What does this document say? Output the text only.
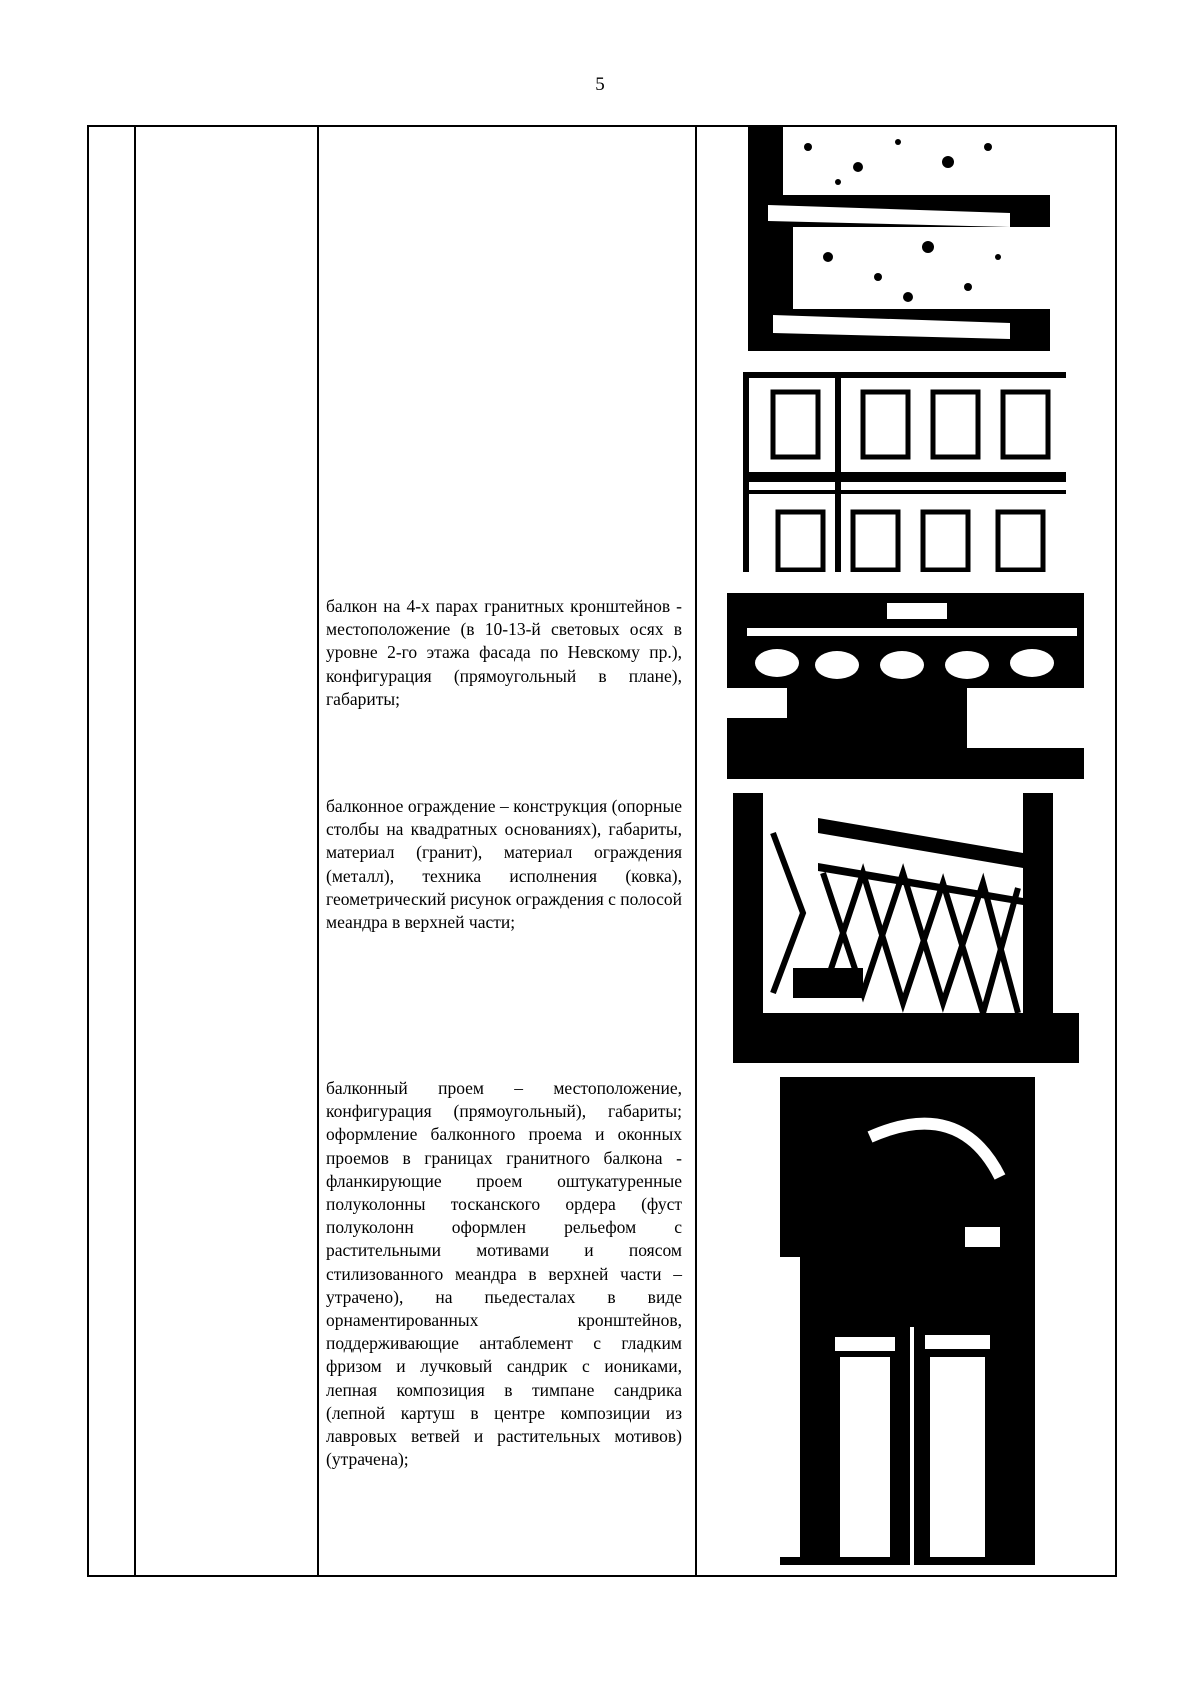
5
балкон на 4-х парах гранитных кронштейнов - местоположение (в 10-13-й световых осях в уровне 2-го этажа фасада по Невскому пр.), конфигурация (прямоугольный в плане), габариты;
балконное ограждение – конструкция (опорные столбы на квадратных основаниях), габариты, материал (гранит), материал ограждения (металл), техника исполнения (ковка), геометрический рисунок ограждения с полосой меандра в верхней части;
балконный проем – местоположение, конфигурация (прямоугольный), габариты; оформление балконного проема и оконных проемов в границах гранитного балкона - фланкирующие проем оштукатуренные полуколонны тосканского ордера (фуст полуколонн оформлен рельефом с растительными мотивами и поясом стилизованного меандра в верхней части – утрачено), на пьедесталах в виде орнаментированных кронштейнов, поддерживающие антаблемент с гладким фризом и лучковый сандрик с иониками, лепная композиция в тимпане сандрика (лепной картуш в центре композиции из лавровых ветвей и растительных мотивов) (утрачена);
